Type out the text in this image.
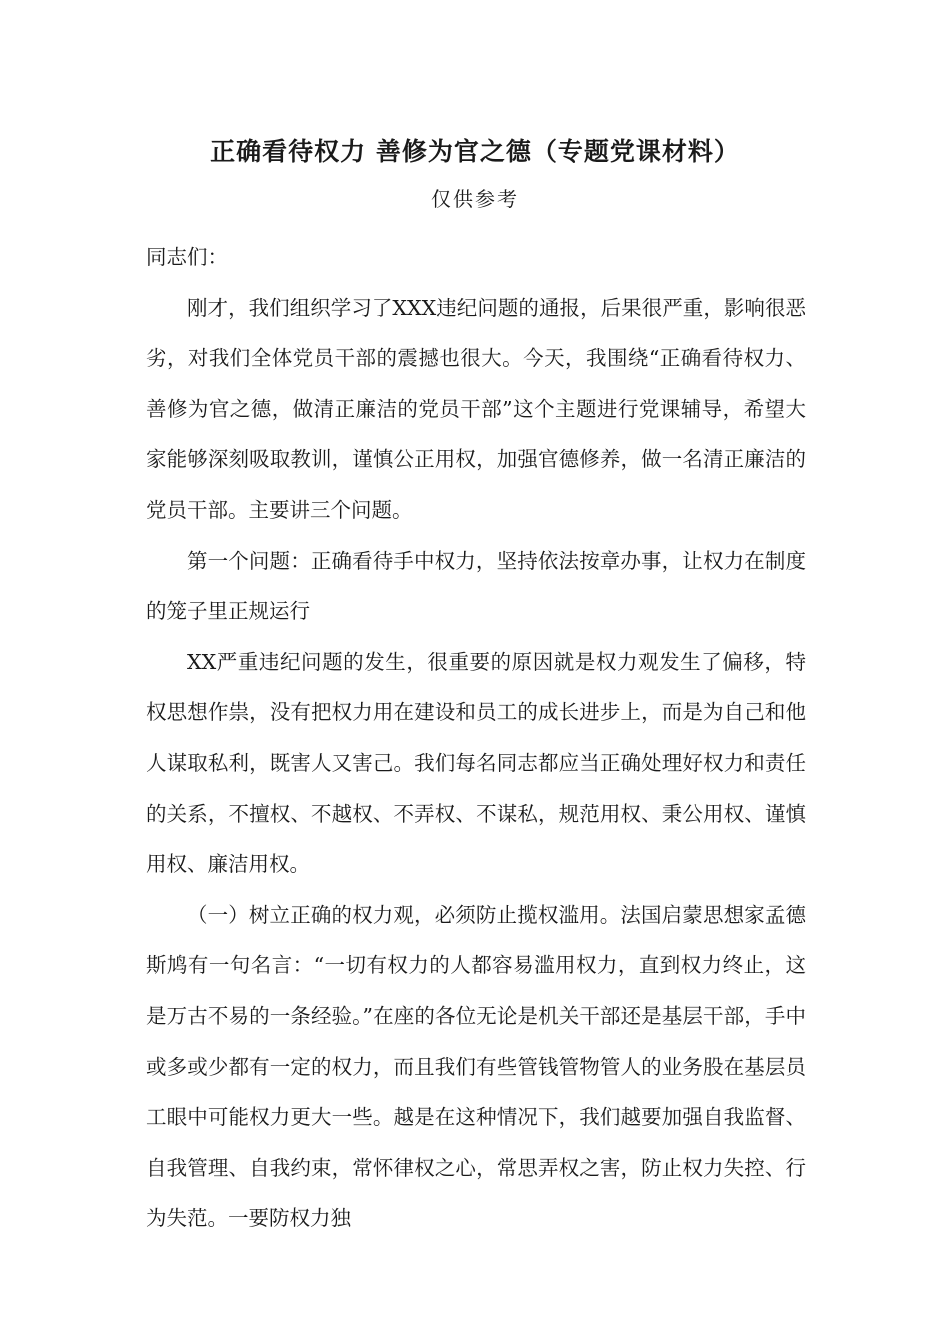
正确看待权力 善修为官之德（专题党课材料）
仅供参考

同志们：

刚才，我们组织学习了XXX违纪问题的通报，后果很严重，影响很恶劣，对我们全体党员干部的震撼也很大。今天，我围绕“正确看待权力、善修为官之德，做清正廉洁的党员干部”这个主题进行党课辅导，希望大家能够深刻吸取教训，谨慎公正用权，加强官德修养，做一名清正廉洁的党员干部。主要讲三个问题。

第一个问题：正确看待手中权力，坚持依法按章办事，让权力在制度的笼子里正规运行

XX严重违纪问题的发生，很重要的原因就是权力观发生了偏移，特权思想作祟，没有把权力用在建设和员工的成长进步上，而是为自己和他人谋取私利，既害人又害己。我们每名同志都应当正确处理好权力和责任的关系，不擅权、不越权、不弄权、不谋私，规范用权、秉公用权、谨慎用权、廉洁用权。

（一）树立正确的权力观，必须防止揽权滥用。法国启蒙思想家孟德斯鸠有一句名言：“一切有权力的人都容易滥用权力，直到权力终止，这是万古不易的一条经验。”在座的各位无论是机关干部还是基层干部，手中或多或少都有一定的权力，而且我们有些管钱管物管人的业务股在基层员工眼中可能权力更大一些。越是在这种情况下，我们越要加强自我监督、自我管理、自我约束，常怀律权之心，常思弄权之害，防止权力失控、行为失范。一要防权力独
